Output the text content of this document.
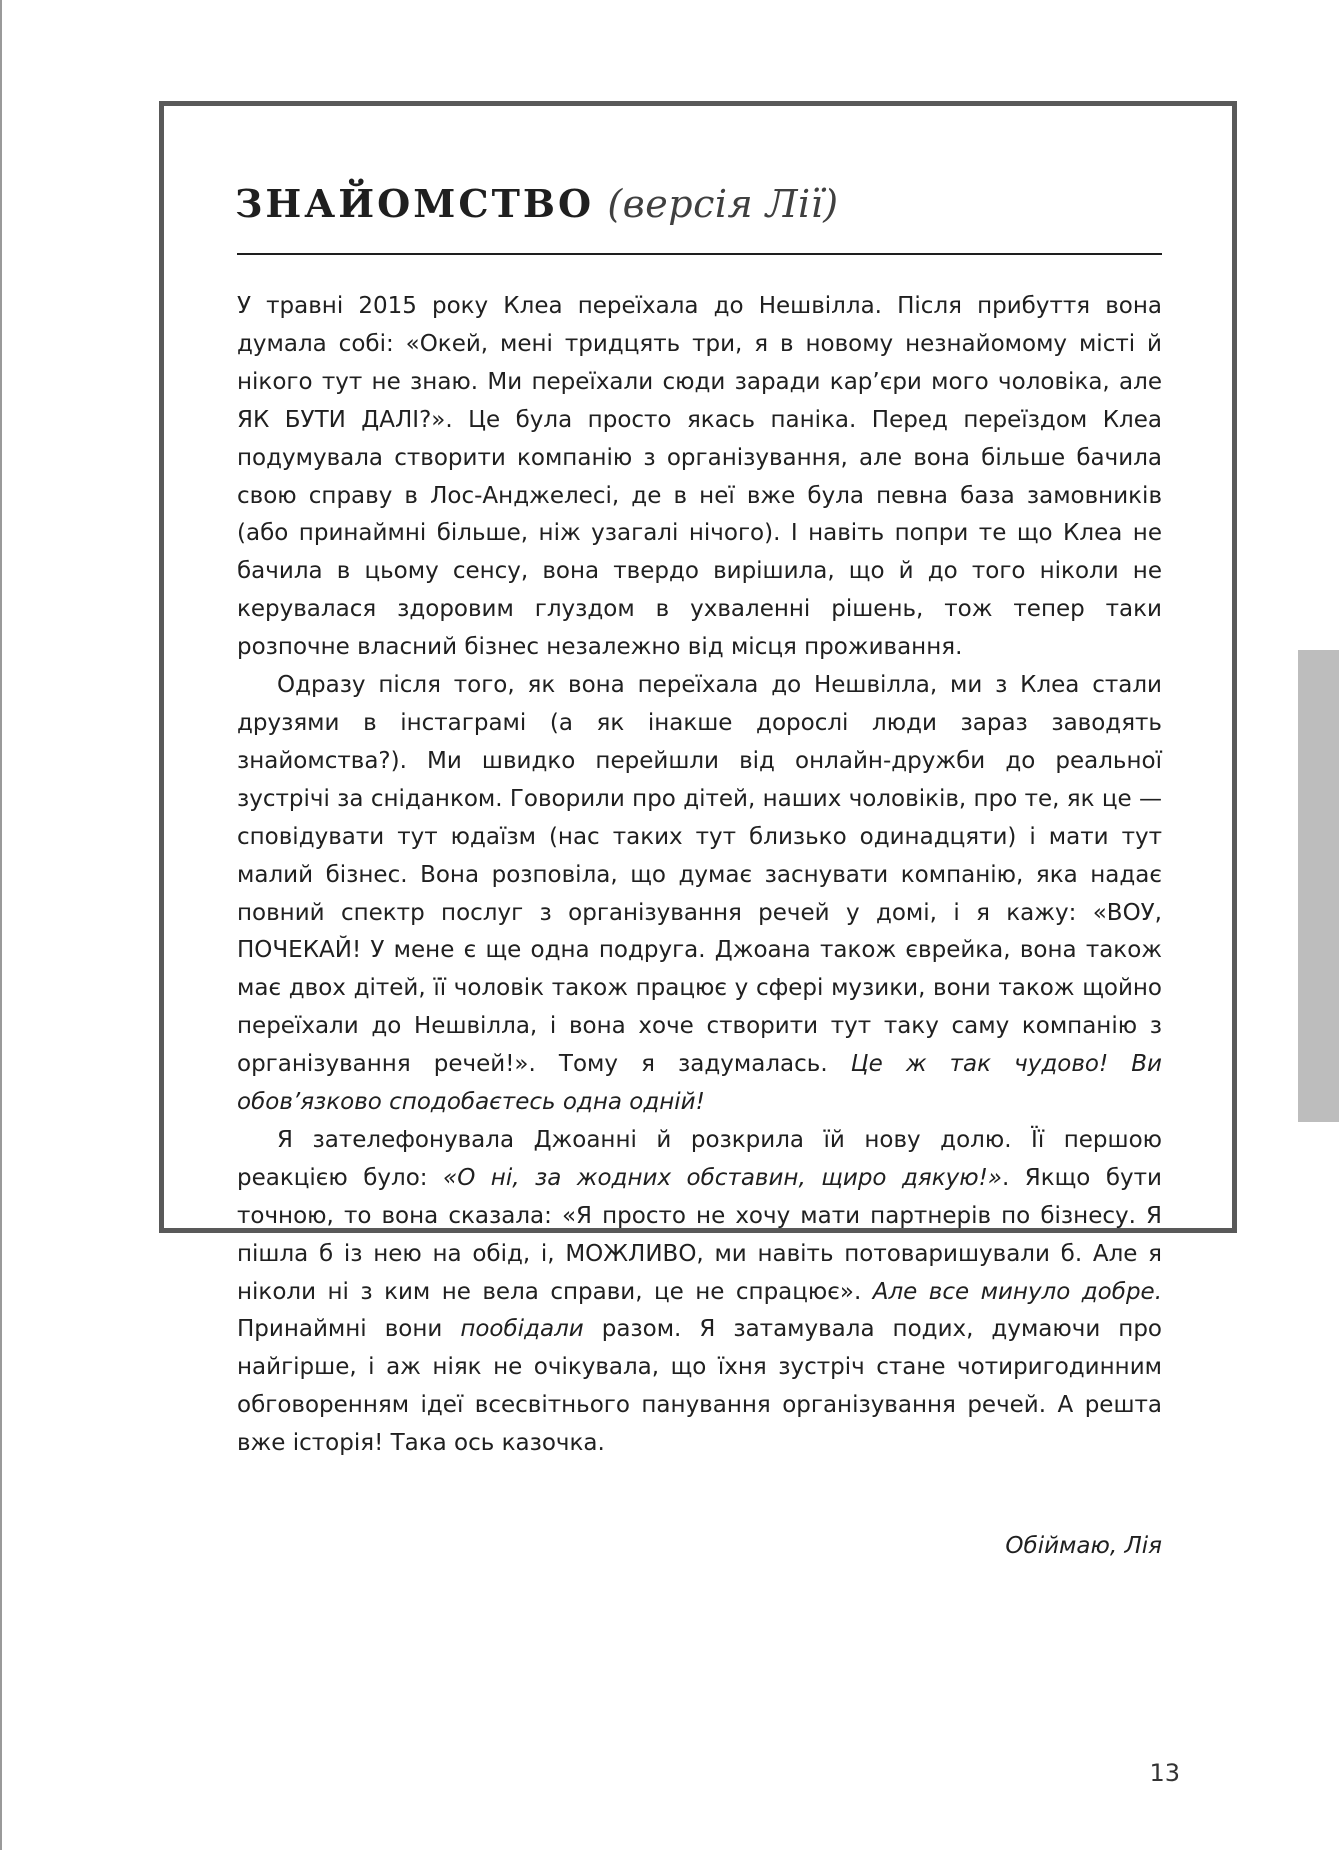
ЗНАЙОМСТВО (версія Лії)

У травні 2015 року Клеа переїхала до Нешвілла. Після прибуття вона думала собі: «Окей, мені тридцять три, я в новому незнайомому місті й нікого тут не знаю. Ми переїхали сюди заради кар’єри мого чоловіка, але ЯК БУТИ ДАЛІ?». Це була просто якась паніка. Перед переїздом Клеа подумувала створити компанію з організування, але вона більше бачила свою справу в Лос-Анджелесі, де в неї вже була певна база замовників (або принаймні більше, ніж узагалі нічого). І навіть попри те що Клеа не бачила в цьому сенсу, вона твердо вирішила, що й до того ніколи не керувалася здоровим глуздом в ухваленні рішень, тож тепер таки розпочне власний бізнес незалежно від місця проживання.

Одразу після того, як вона переїхала до Нешвілла, ми з Клеа стали друзями в інстаграмі (а як інакше дорослі люди зараз заводять знайомства?). Ми швидко перейшли від онлайн-дружби до реальної зустрічі за сніданком. Говорили про дітей, наших чоловіків, про те, як це — сповідувати тут юдаїзм (нас таких тут близько одинадцяти) і мати тут малий бізнес. Вона розповіла, що думає заснувати компанію, яка надає повний спектр послуг з організування речей у домі, і я кажу: «ВОУ, ПОЧЕКАЙ! У мене є ще одна подруга. Джоана також єврейка, вона також має двох дітей, її чоловік також працює у сфері музики, вони також щойно переїхали до Нешвілла, і вона хоче створити тут таку саму компанію з організування речей!». Тому я задумалась. Це ж так чудово! Ви обов’язково сподобаєтесь одна одній!

Я зателефонувала Джоанні й розкрила їй нову долю. Її першою реакцією було: «О ні, за жодних обставин, щиро дякую!». Якщо бути точною, то вона сказала: «Я просто не хочу мати партнерів по бізнесу. Я пішла б із нею на обід, і, МОЖЛИВО, ми навіть потоваришували б. Але я ніколи ні з ким не вела справи, це не спрацює». Але все минуло добре. Принаймні вони пообідали разом. Я затамувала подих, думаючи про найгірше, і аж ніяк не очікувала, що їхня зустріч стане чотиригодинним обговоренням ідеї всесвітнього панування організування речей. А решта вже історія! Така ось казочка.

Обіймаю, Лія
13
